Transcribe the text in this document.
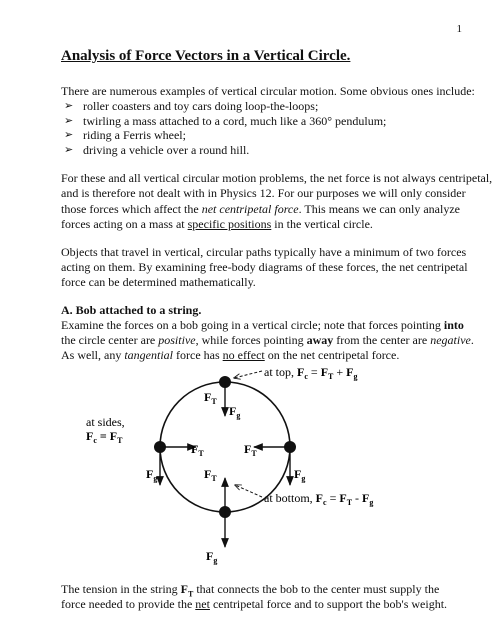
1
Analysis of Force Vectors in a Vertical Circle.
There are numerous examples of vertical circular motion. Some obvious ones include:
➢ roller coasters and toy cars doing loop-the-loops;
➢ twirling a mass attached to a cord, much like a 360° pendulum;
➢ riding a Ferris wheel;
➢ driving a vehicle over a round hill.
For these and all vertical circular motion problems, the net force is not always centripetal,
and is therefore not dealt with in Physics 12. For our purposes we will only consider
those forces which affect the net centripetal force. This means we can only analyze
forces acting on a mass at specific positions in the vertical circle.
Objects that travel in vertical, circular paths typically have a minimum of two forces
acting on them. By examining free-body diagrams of these forces, the net centripetal
force can be determined mathematically.
A. Bob attached to a string.
Examine the forces on a bob going in a vertical circle; note that forces pointing into
the circle center are positive, while forces pointing away from the center are negative.
As well, any tangential force has no effect on the net centripetal force.
$F_T$
$F_g$
$F_g$
$F_T$	$F_T$
$F_g$
$F_T$
$F_g$
at top, $F_c = F_T + F_g$
at sides,
$F_c = F_T$
at bottom, $F_c = F_T - F_g$
The tension in the string $F_T$ that connects the bob to the center must supply the
force needed to provide the net centripetal force and to support the bob's weight.
